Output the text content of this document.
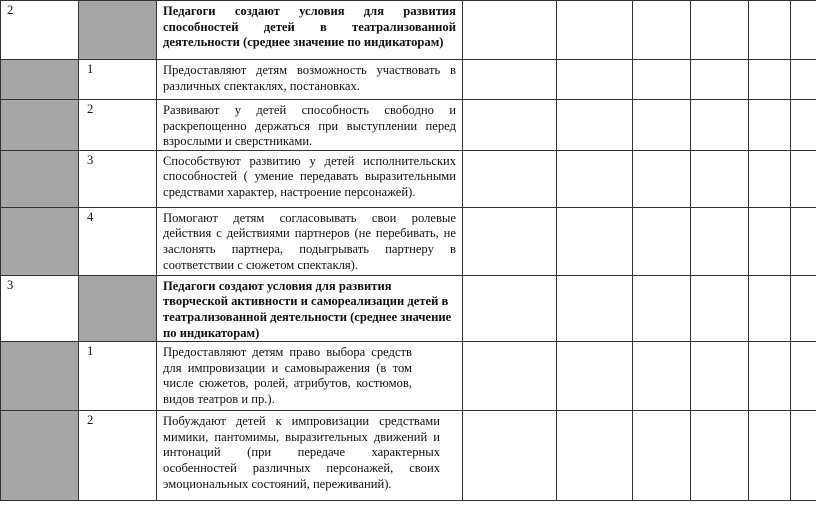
2		Педагоги создают условия для развития способностей детей в театрализованной деятельности (среднее значение по индикаторам)						
	1	Предоставляют детям возможность участвовать в различных спектаклях, постановках.						
	2	Развивают у детей способность свободно и раскрепощенно держаться при выступлении перед взрослыми и сверстниками.						
	3	Способствуют развитию у детей исполнительских способностей ( умение передавать выразительными средствами характер, настроение персонажей).						
	4	Помогают детям согласовывать свои ролевые действия с действиями партнеров (не перебивать, не заслонять партнера, подыгрывать партнеру в соответствии с сюжетом спектакля).						
3		Педагоги создают условия для развития творческой активности и самореализации детей в театрализованной деятельности (среднее значение по индикаторам)						
	1	Предоставляют детям право выбора средств для импровизации и самовыражения (в том числе сюжетов, ролей, атрибутов, костюмов, видов театров и пр.).						
	2	Побуждают детей к импровизации средствами мимики, пантомимы, выразительных движений и интонаций (при передаче характерных особенностей различных персонажей, своих эмоциональных состояний, переживаний).						
